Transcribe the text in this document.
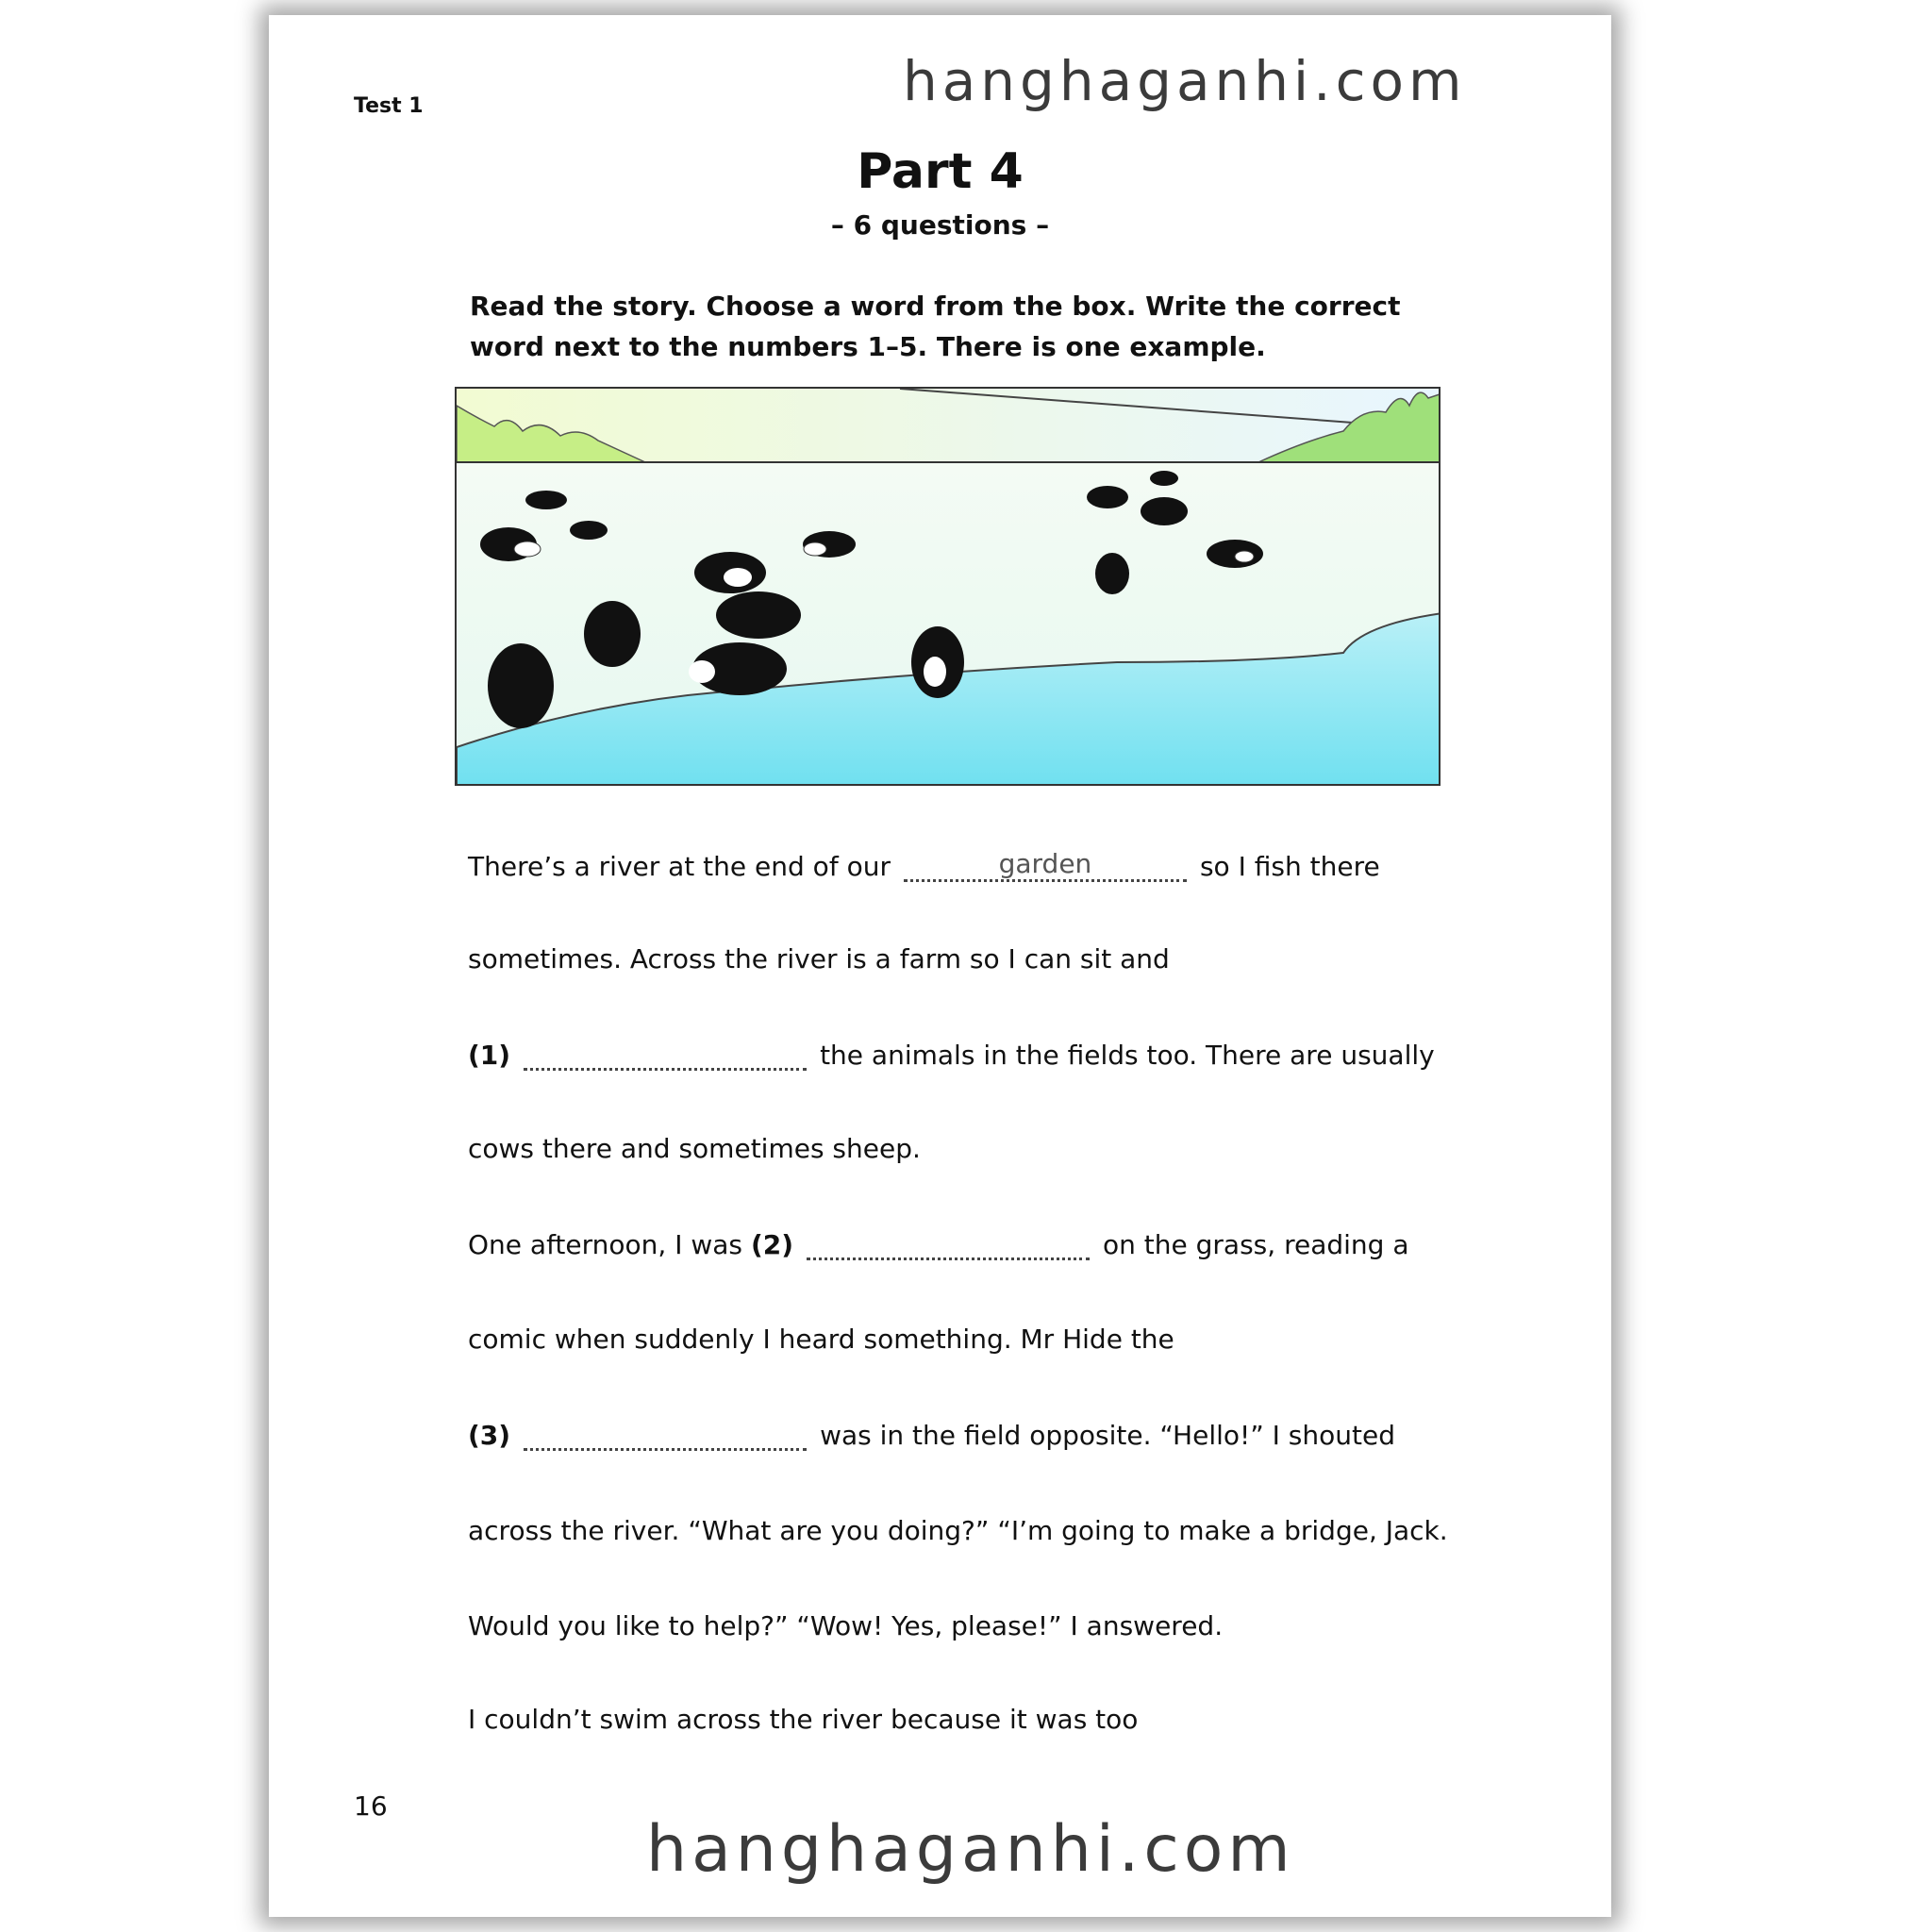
Test 1	hanghaganhi.com
Part 4
– 6 questions –
Read the story. Choose a word from the box. Write the correct
word next to the numbers 1–5. There is one example.
There’s a river at the end of our	garden	so I fish there
sometimes. Across the river is a farm so I can sit and
(1)	the animals in the fields too. There are usually
cows there and sometimes sheep.
One afternoon, I was (2)	on the grass, reading a
comic when suddenly I heard something. Mr Hide the
(3)	was in the field opposite. “Hello!” I shouted
across the river. “What are you doing?” “I’m going to make a bridge, Jack.
Would you like to help?” “Wow! Yes, please!” I answered.
I couldn’t swim across the river because it was too
16
hanghaganhi.com
